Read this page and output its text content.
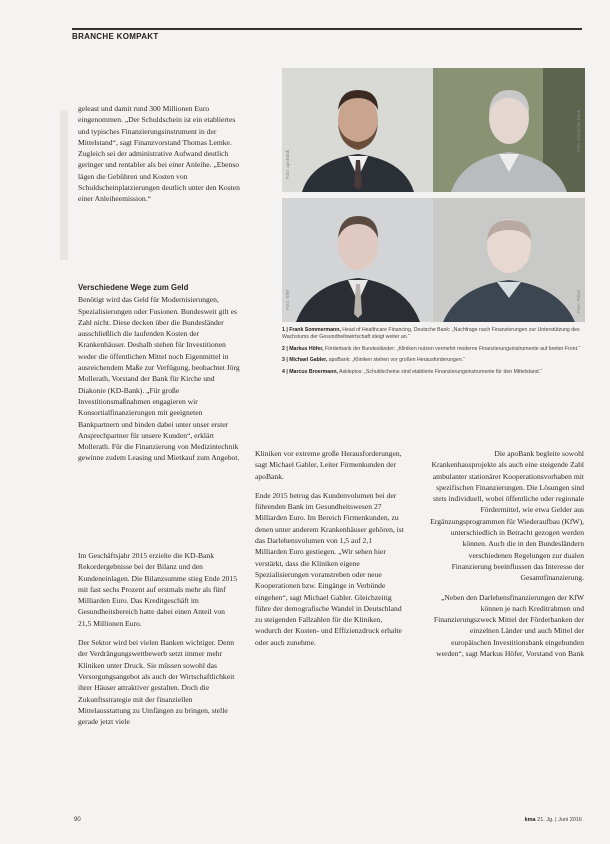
BRANCHE KOMPAKT

geleast und damit rund 300 Millionen Euro eingenommen. „Der Schuldschein ist ein etabliertes und typisches Finanzierungsinstrument in der Mittelstand“, sagt Finanzvorstand Thomas Lemke. Zugleich sei der administrative Aufwand deutlich geringer und rentabler als bei einer Anleihe. „Ebenso lägen die Gebühren und Kosten von Schuldscheinplatzierungen deutlich unter den Kosten einer Anleiheemission.“

Verschiedene Wege zum Geld

Benötigt wird das Geld für Modernisierungen, Spezialisierungen oder Fusionen. Bundesweit gilt es Zahl nicht. Diese decken über die Bundesländer ausschließlich die laufenden Kosten der Krankenhäuser. Deshalb stehen für Investitionen weder die öffentlichen Mittel noch Eigenmittel in ausreichendem Maße zur Verfügung, beobachtet Jörg Mollerath, Vorstand der Bank für Kirche und Diakonie (KD-Bank). „Für große Investitionsmaßnahmen engagieren wir Konsortialfinanzierungen mit geeigneten Bankpartnern und binden dabei unter unser erster Ansprechpartner für unsere Kunden“, erklärt Mollerath. Für die Finanzierung von Medizintechnik gewinne zudem Leasing und Mietkauf zum Angebot.

Im Geschäftsjahr 2015 erzielte die KD-Bank Rekordergebnisse bei der Bilanz und den Kundeneinlagen. Die Bilanzsumme stieg Ende 2015 mit fast sechs Prozent auf erstmals mehr als fünf Milliarden Euro. Das Kreditgeschäft im Gesundheitsbereich hatte dabei einen Anteil von 21,5 Millionen Euro.

Der Sektor wird bei vielen Banken wichtiger. Denn der Verdrängungswettbewerb setzt immer mehr Kliniken unter Druck. Sie müssen sowohl das Versorgungsangebot als auch der Wirtschaftlichkeit ihrer Häuser attraktiver gestalten. Doch die Zukunftsstrategie mit der finanziellen Mittelausstattung zu Umfängen zu bringen, stelle gerade jetzt viele

Foto: apoBank
Foto: Deutsche Bank
Foto: KfW	Foto: Privat
1 | Frank Sommermann, Head of Healthcare Financing, Deutsche Bank: „Nachfrage nach Finanzierungen zur Unterstützung des Wachstums der Gesundheitswirtschaft steigt weiter an.“
2 | Markus Höfer, Förderbank der Bundesländer: „Kliniken nutzen vermehrt moderne Finanzierungsinstrumente auf breiter Front.“
3 | Michael Gabler, apoBank: „Kliniken stehen vor großen Herausforderungen.“
4 | Marcus Broermann, Asklepios: „Schuldscheine sind etablierte Finanzierungsinstrumente für den Mittelstand.“

Kliniken vor extreme große Herausforderungen, sagt Michael Gabler, Leiter Firmenkunden der apoBank.

Ende 2015 betrug das Kundenvolumen bei der führenden Bank im Gesundheitswesen 27 Milliarden Euro. Im Bereich Firmenkunden, zu denen unter anderem Krankenhäuser gehören, ist das Darlehensvolumen von 1,5 auf 2,1 Milliarden Euro gestiegen. „Wir sehen hier verstärkt, dass die Kliniken eigene Spezialisierungen voranstreben oder neue Kooperationen bzw. Eingänge in Verbünde eingehen“, sagt Michael Gabler. Gleichzeitig führe der demografische Wandel in Deutschland zu steigenden Fallzahlen für die Kliniken, wodurch der Kosten- und Effizienzdruck erhalte oder auch zunehme.

Die apoBank begleite sowohl Krankenhausprojekte als auch eine steigende Zahl ambulanter stationärer Kooperationsvorhaben mit spezifischen Finanzierungen. Die Lösungen sind stets individuell, wobei öffentliche oder regionale Fördermittel, wie etwa Gelder aus Ergänzungsprogrammen für Wiederaufbau (KfW), unterschiedlich in Betracht gezogen werden können. Auch die in den Bundesländern verschiedenen Regelungen zur dualen Finanzierung beeinflussen das Interesse der Gesamtfinanzierung.

„Neben den Darlehensfinanzierungen der KfW können je nach Kreditrahmen und Finanzierungszweck Mittel der Förderbanken der einzelnen Länder und auch Mittel der europäischen Investitionsbank eingebunden werden“, sagt Markus Höfer, Vorstand von Bank

90	kma 21. Jg. | Juni 2016
